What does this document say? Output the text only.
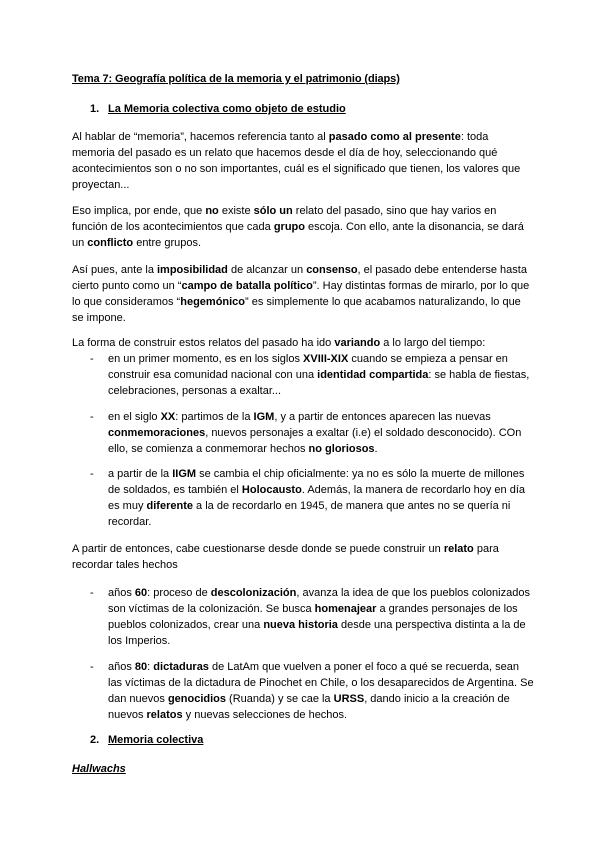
Tema 7: Geografía política de la memoria y el patrimonio (diaps)
1. La Memoria colectiva como objeto de estudio

Al hablar de “memoria”, hacemos referencia tanto al pasado como al presente: toda memoria del pasado es un relato que hacemos desde el día de hoy, seleccionando qué acontecimientos son o no son importantes, cuál es el significado que tienen, los valores que proyectan...

Eso implica, por ende, que no existe sólo un relato del pasado, sino que hay varios en función de los acontecimientos que cada grupo escoja. Con ello, ante la disonancia, se dará un conflicto entre grupos.

Así pues, ante la imposibilidad de alcanzar un consenso, el pasado debe entenderse hasta cierto punto como un “campo de batalla político”. Hay distintas formas de mirarlo, por lo que lo que consideramos “hegemónico” es simplemente lo que acabamos naturalizando, lo que se impone.

La forma de construir estos relatos del pasado ha ido variando a lo largo del tiempo:

- en un primer momento, es en los siglos XVIII-XIX cuando se empieza a pensar en construir esa comunidad nacional con una identidad compartida: se habla de fiestas, celebraciones, personas a exaltar...

- en el siglo XX: partimos de la IGM, y a partir de entonces aparecen las nuevas conmemoraciones, nuevos personajes a exaltar (i.e) el soldado desconocido). COn ello, se comienza a conmemorar hechos no gloriosos.

- a partir de la IIGM se cambia el chip oficialmente: ya no es sólo la muerte de millones de soldados, es también el Holocausto. Además, la manera de recordarlo hoy en día es muy diferente a la de recordarlo en 1945, de manera que antes no se quería ni recordar.

A partir de entonces, cabe cuestionarse desde donde se puede construir un relato para recordar tales hechos

- años 60: proceso de descolonización, avanza la idea de que los pueblos colonizados son víctimas de la colonización. Se busca homenajear a grandes personajes de los pueblos colonizados, crear una nueva historia desde una perspectiva distinta a la de los Imperios.

- años 80: dictaduras de LatAm que vuelven a poner el foco a qué se recuerda, sean las víctimas de la dictadura de Pinochet en Chile, o los desaparecidos de Argentina. Se dan nuevos genocidios (Ruanda) y se cae la URSS, dando inicio a la creación de nuevos relatos y nuevas selecciones de hechos.

2. Memoria colectiva
Hallwachs
